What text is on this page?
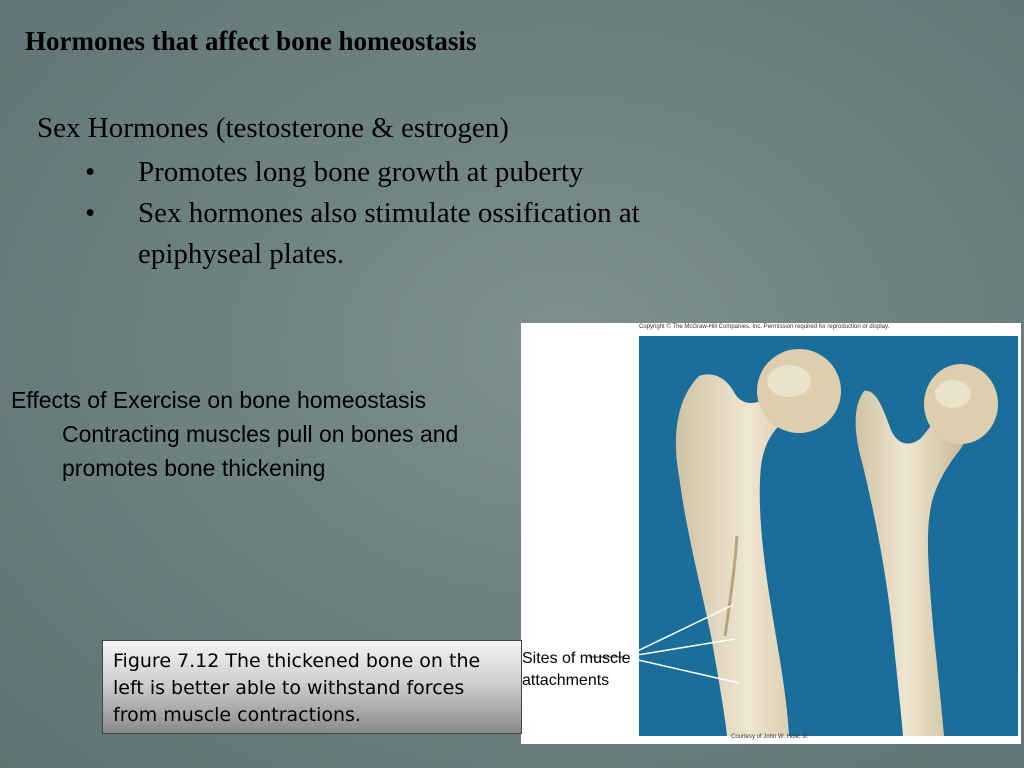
Hormones that affect bone homeostasis
Sex Hormones (testosterone & estrogen)
• Promotes long bone growth at puberty
• Sex hormones also stimulate ossification at epiphyseal plates.
Effects of Exercise on bone homeostasis
Contracting muscles pull on bones and promotes bone thickening
Copyright © The McGraw-Hill Companies, Inc. Permission required for reproduction or display.
Sites of muscle attachments
Courtesy of John W. Hole, Jr.
Figure 7.12 The thickened bone on the left is better able to withstand forces from muscle contractions.
